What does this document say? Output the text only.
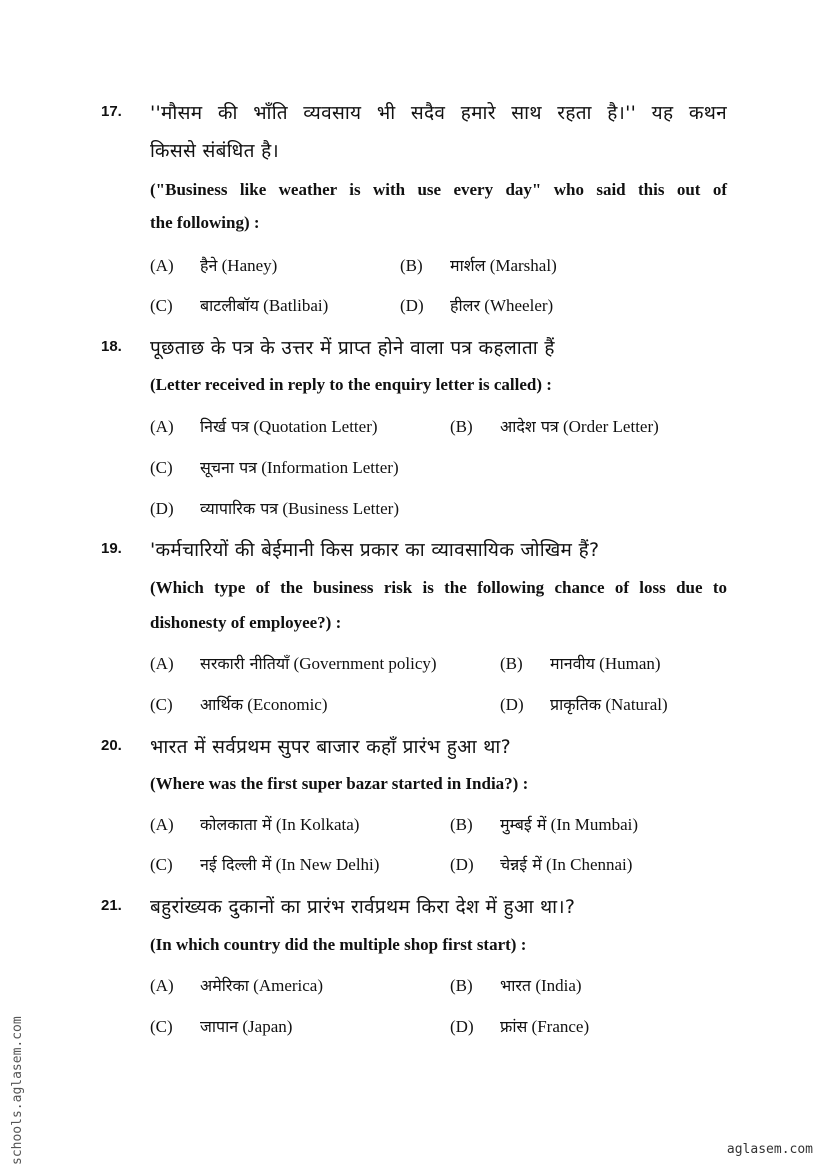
17. ''मौसम की भाँति व्यवसाय भी सदैव हमारे साथ रहता है।'' यह कथन
किससे संबंधित है।
("Business like weather is with use every day" who said this out of
the following) :
(A) हैने (Haney)	(B) मार्शल (Marshal)
(C) बाटलीबॉय (Batlibai)	(D) हीलर (Wheeler)
18. पूछताछ के पत्र के उत्तर में प्राप्त होने वाला पत्र कहलाता हैं
(Letter received in reply to the enquiry letter is called) :
(A) निर्ख पत्र (Quotation Letter)	(B) आदेश पत्र (Order Letter)
(C) सूचना पत्र (Information Letter)
(D) व्यापारिक पत्र (Business Letter)
19. 'कर्मचारियों की बेईमानी किस प्रकार का व्यावसायिक जोखिम हैं?
(Which type of the business risk is the following chance of loss due to
dishonesty of employee?) :
(A) सरकारी नीतियाँ (Government policy)	(B) मानवीय (Human)
(C) आर्थिक (Economic)	(D) प्राकृतिक (Natural)
20. भारत में सर्वप्रथम सुपर बाजार कहाँ प्रारंभ हुआ था?
(Where was the first super bazar started in India?) :
(A) कोलकाता में (In Kolkata)	(B) मुम्बई में (In Mumbai)
(C) नई दिल्ली में (In New Delhi)	(D) चेन्नई में (In Chennai)
21. बहुरांख्यक दुकानों का प्रारंभ रार्वप्रथम किरा देश में हुआ था।?
(In which country did the multiple shop first start) :
(A) अमेरिका (America)	(B) भारत (India)
(C) जापान (Japan)	(D) फ्रांस (France)
schools.aglasem.com	aglasem.com
